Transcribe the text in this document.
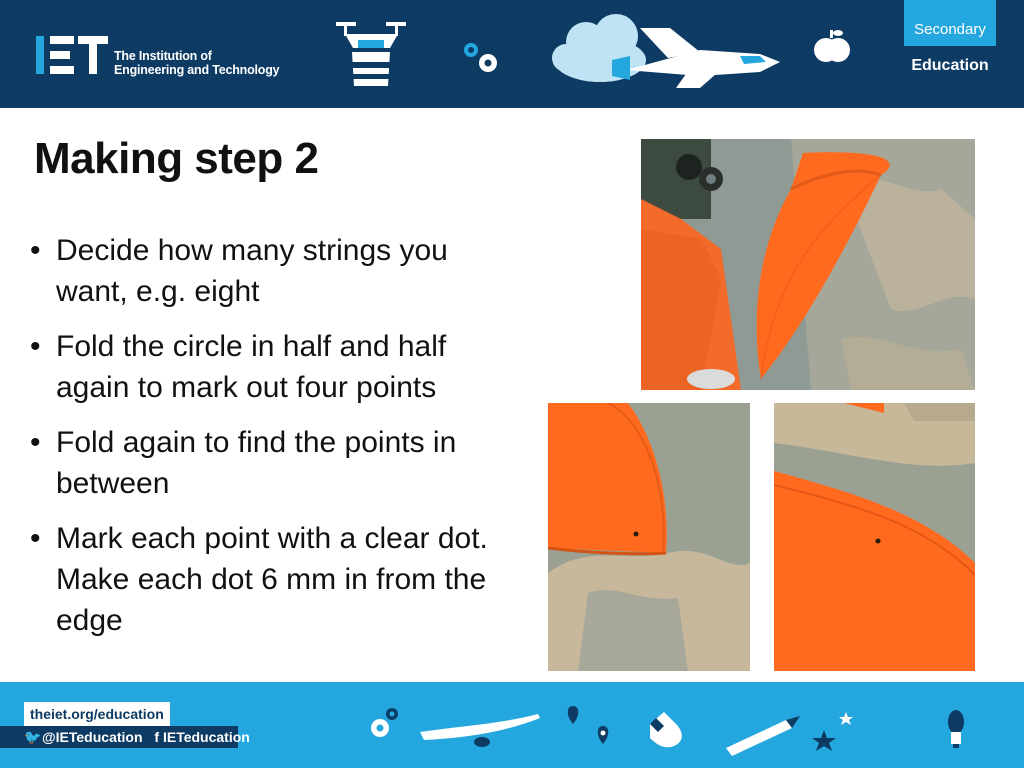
The Institution of
Engineering and Technology
Secondary
Education
Making step 2
• Decide how many strings you want, e.g. eight
• Fold the circle in half and half again to mark out four points
• Fold again to find the points in between
• Mark each point with a clear dot. Make each dot 6 mm in from the edge
theiet.org/education
🐦@IETeducation f IETeducation
